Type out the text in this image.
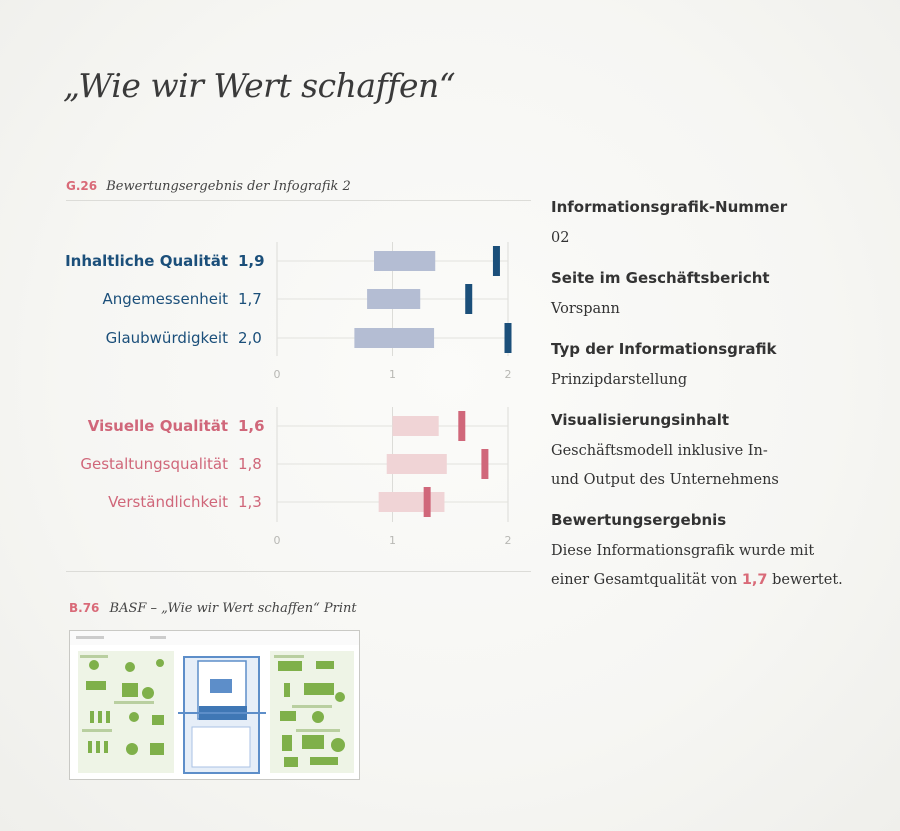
„Wie wir Wert schaffen“
G.26 Bewertungsergebnis der Infografik 2
0	1	2
Inhaltliche Qualität 1,9
Angemessenheit 1,7
Glaubwürdigkeit 2,0
0	1	2
Visuelle Qualität 1,6
Gestaltungsqualität 1,8
Verständlichkeit 1,3
B.76 BASF – „Wie wir Wert schaffen“ Print

Informationsgrafik-Nummer

02

Seite im Geschäftsbericht

Vorspann

Typ der Informationsgrafik

Prinzipdarstellung

Visualisierungsinhalt

Geschäftsmodell inklusive In-
und Output des Unternehmens

Bewertungsergebnis

Diese Informationsgrafik wurde mit
einer Gesamtqualität von 1,7 bewertet.
